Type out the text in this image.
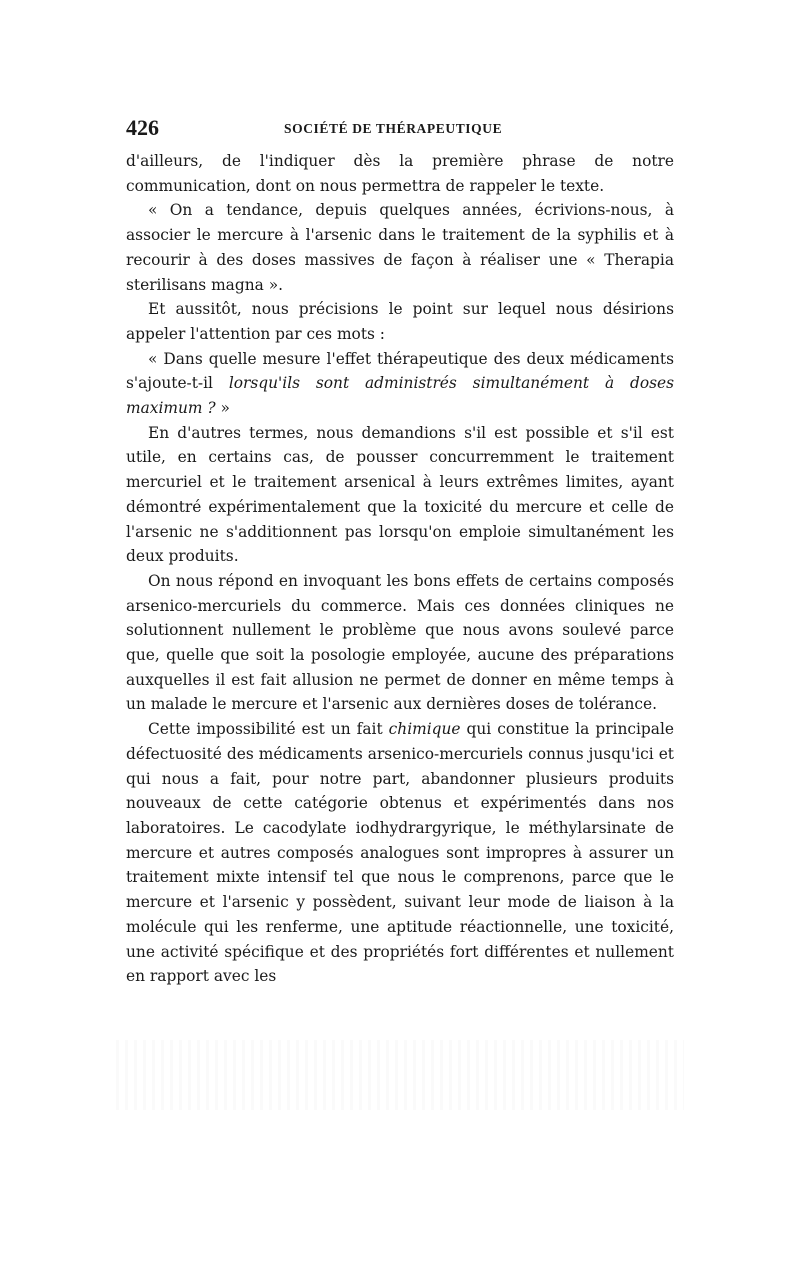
426	SOCIÉTÉ DE THÉRAPEUTIQUE

d'ailleurs, de l'indiquer dès la première phrase de notre communication, dont on nous permettra de rappeler le texte.

« On a tendance, depuis quelques années, écrivions-nous, à associer le mercure à l'arsenic dans le traitement de la syphilis et à recourir à des doses massives de façon à réaliser une « Therapia sterilisans magna ».

Et aussitôt, nous précisions le point sur lequel nous désirions appeler l'attention par ces mots :

« Dans quelle mesure l'effet thérapeutique des deux médicaments s'ajoute-t-il lorsqu'ils sont administrés simultanément à doses maximum ? »

En d'autres termes, nous demandions s'il est possible et s'il est utile, en certains cas, de pousser concurremment le traitement mercuriel et le traitement arsenical à leurs extrêmes limites, ayant démontré expérimentalement que la toxicité du mercure et celle de l'arsenic ne s'additionnent pas lorsqu'on emploie simultanément les deux produits.

On nous répond en invoquant les bons effets de certains composés arsenico-mercuriels du commerce. Mais ces données cliniques ne solutionnent nullement le problème que nous avons soulevé parce que, quelle que soit la posologie employée, aucune des préparations auxquelles il est fait allusion ne permet de donner en même temps à un malade le mercure et l'arsenic aux dernières doses de tolérance.

Cette impossibilité est un fait chimique qui constitue la principale défectuosité des médicaments arsenico-mercuriels connus jusqu'ici et qui nous a fait, pour notre part, abandonner plusieurs produits nouveaux de cette catégorie obtenus et expérimentés dans nos laboratoires. Le cacodylate iodhydrargyrique, le méthylarsinate de mercure et autres composés analogues sont impropres à assurer un traitement mixte intensif tel que nous le comprenons, parce que le mercure et l'arsenic y possèdent, suivant leur mode de liaison à la molécule qui les renferme, une aptitude réactionnelle, une toxicité, une activité spécifique et des propriétés fort différentes et nullement en rapport avec les
